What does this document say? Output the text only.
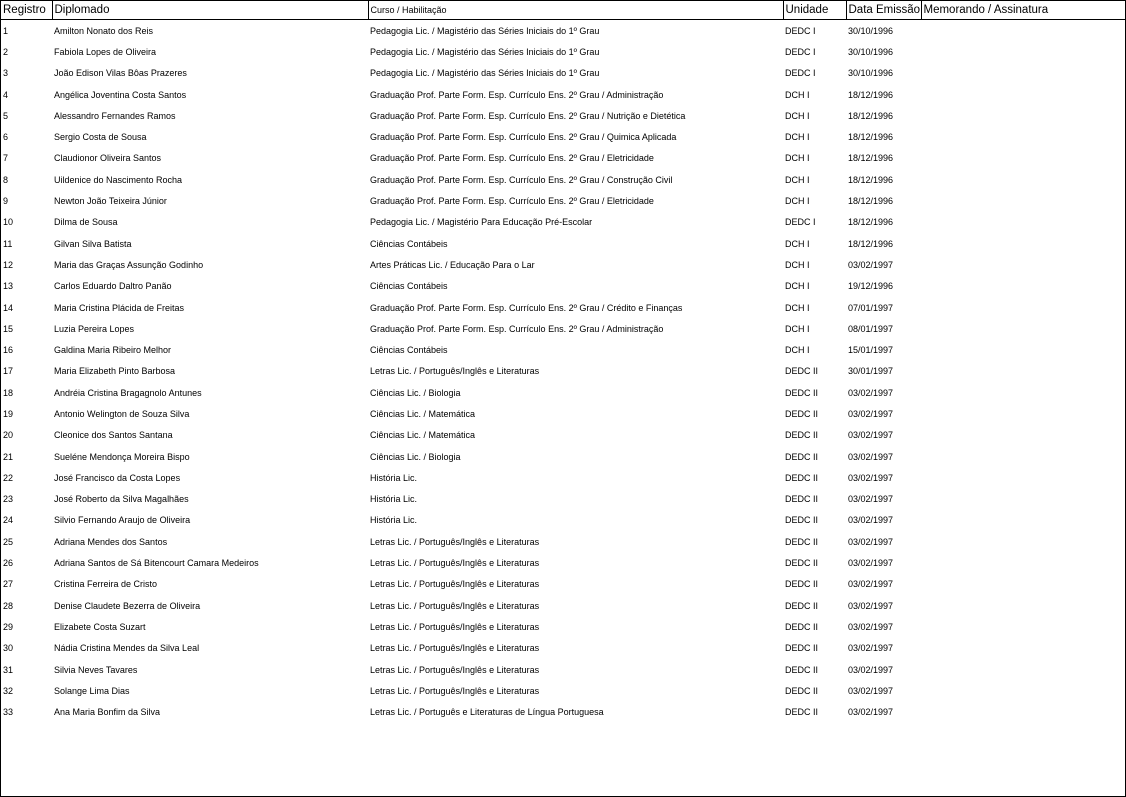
Registro	Diplomado	Curso / Habilitação	Unidade	Data Emissão	Memorando / Assinatura
1	Amilton Nonato dos Reis	Pedagogia Lic. / Magistério das Séries Iniciais do 1º Grau	DEDC I	30/10/1996	
2	Fabiola Lopes de Oliveira	Pedagogia Lic. / Magistério das Séries Iniciais do 1º Grau	DEDC I	30/10/1996	
3	João Edison Vilas Bôas Prazeres	Pedagogia Lic. / Magistério das Séries Iniciais do 1º Grau	DEDC I	30/10/1996	
4	Angélica Joventina Costa Santos	Graduação Prof. Parte Form. Esp. Currículo Ens. 2º Grau / Administração	DCH I	18/12/1996	
5	Alessandro Fernandes Ramos	Graduação Prof. Parte Form. Esp. Currículo Ens. 2º Grau / Nutrição e Dietética	DCH I	18/12/1996	
6	Sergio Costa de Sousa	Graduação Prof. Parte Form. Esp. Currículo Ens. 2º Grau / Quimica Aplicada	DCH I	18/12/1996	
7	Claudionor Oliveira Santos	Graduação Prof. Parte Form. Esp. Currículo Ens. 2º Grau / Eletricidade	DCH I	18/12/1996	
8	Uildenice do Nascimento Rocha	Graduação Prof. Parte Form. Esp. Currículo Ens. 2º Grau / Construção Civil	DCH I	18/12/1996	
9	Newton João Teixeira Júnior	Graduação Prof. Parte Form. Esp. Currículo Ens. 2º Grau / Eletricidade	DCH I	18/12/1996	
10	Dilma de Sousa	Pedagogia Lic. / Magistério Para Educação Pré-Escolar	DEDC I	18/12/1996	
11	Gilvan Silva Batista	Ciências Contábeis	DCH I	18/12/1996	
12	Maria das Graças Assunção Godinho	Artes Práticas Lic. / Educação Para o Lar	DCH I	03/02/1997	
13	Carlos Eduardo Daltro Panão	Ciências Contábeis	DCH I	19/12/1996	
14	Maria Cristina Plácida de Freitas	Graduação Prof. Parte Form. Esp. Currículo Ens. 2º Grau / Crédito e Finanças	DCH I	07/01/1997	
15	Luzia Pereira Lopes	Graduação Prof. Parte Form. Esp. Currículo Ens. 2º Grau / Administração	DCH I	08/01/1997	
16	Galdina Maria Ribeiro Melhor	Ciências Contábeis	DCH I	15/01/1997	
17	Maria Elizabeth Pinto Barbosa	Letras Lic. / Português/Inglês e Literaturas	DEDC II	30/01/1997	
18	Andréia Cristina Bragagnolo Antunes	Ciências Lic. / Biologia	DEDC II	03/02/1997	
19	Antonio Welington de Souza Silva	Ciências Lic. / Matemática	DEDC II	03/02/1997	
20	Cleonice dos Santos Santana	Ciências Lic. / Matemática	DEDC II	03/02/1997	
21	Sueléne Mendonça Moreira Bispo	Ciências Lic. / Biologia	DEDC II	03/02/1997	
22	José Francisco da Costa Lopes	História Lic.	DEDC II	03/02/1997	
23	José Roberto da Silva Magalhães	História Lic.	DEDC II	03/02/1997	
24	Silvio Fernando Araujo de Oliveira	História Lic.	DEDC II	03/02/1997	
25	Adriana Mendes dos Santos	Letras Lic. / Português/Inglês e Literaturas	DEDC II	03/02/1997	
26	Adriana Santos de Sá Bitencourt Camara Medeiros	Letras Lic. / Português/Inglês e Literaturas	DEDC II	03/02/1997	
27	Cristina Ferreira de Cristo	Letras Lic. / Português/Inglês e Literaturas	DEDC II	03/02/1997	
28	Denise Claudete Bezerra de Oliveira	Letras Lic. / Português/Inglês e Literaturas	DEDC II	03/02/1997	
29	Elizabete Costa Suzart	Letras Lic. / Português/Inglês e Literaturas	DEDC II	03/02/1997	
30	Nádia Cristina Mendes da Silva Leal	Letras Lic. / Português/Inglês e Literaturas	DEDC II	03/02/1997	
31	Silvia Neves Tavares	Letras Lic. / Português/Inglês e Literaturas	DEDC II	03/02/1997	
32	Solange Lima Dias	Letras Lic. / Português/Inglês e Literaturas	DEDC II	03/02/1997	
33	Ana Maria Bonfim da Silva	Letras Lic. / Português e Literaturas de Língua Portuguesa	DEDC II	03/02/1997	
